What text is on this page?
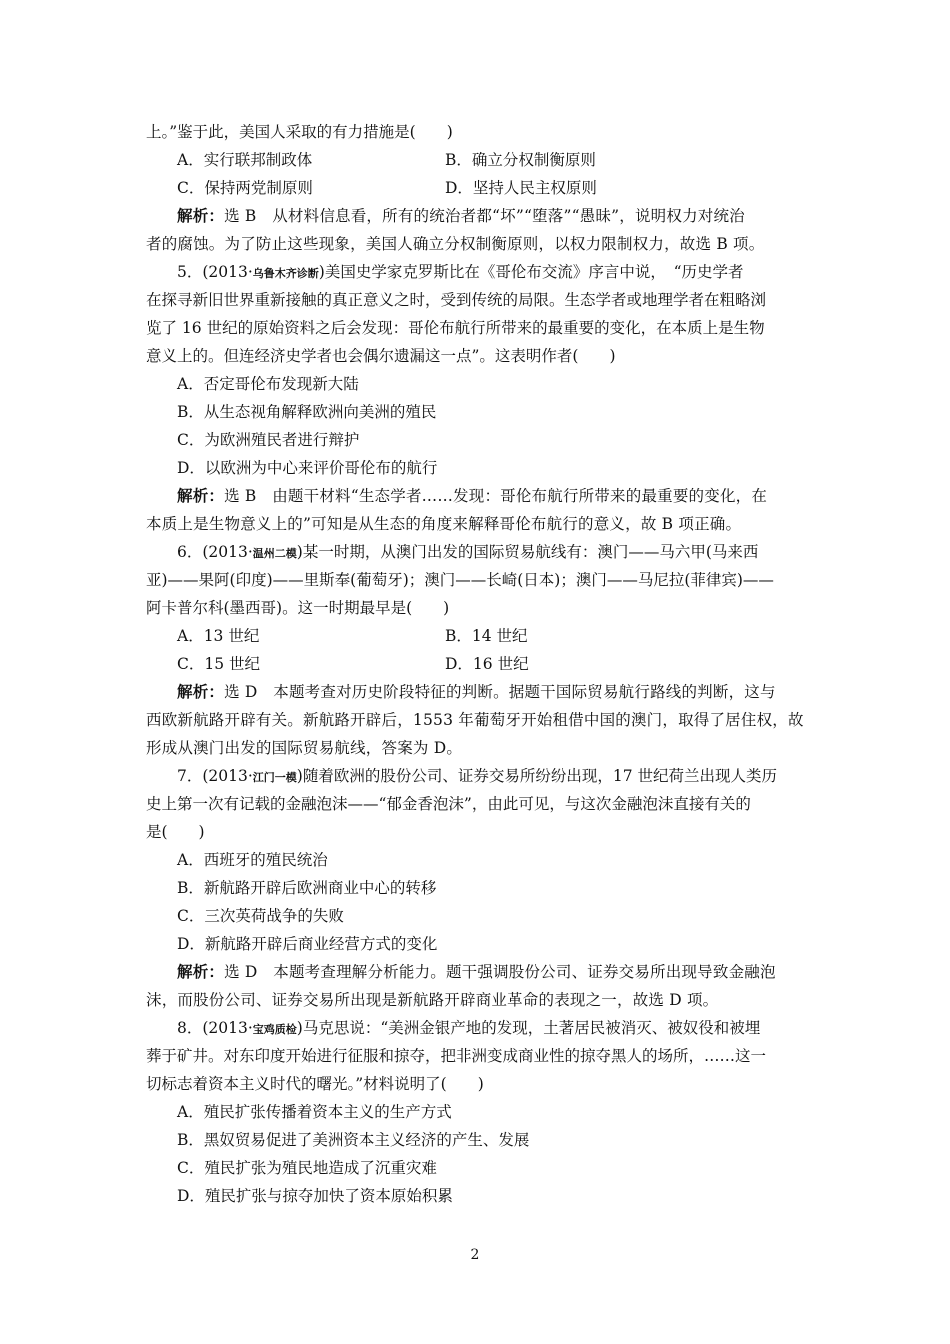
上。”鉴于此，美国人采取的有力措施是(　　)
A．实行联邦制政体	B．确立分权制衡原则
C．保持两党制原则	D．坚持人民主权原则
解析：选 B　从材料信息看，所有的统治者都“坏”“堕落”“愚昧”，说明权力对统治
者的腐蚀。为了防止这些现象，美国人确立分权制衡原则，以权力限制权力，故选 B 项。
5．(2013·乌鲁木齐诊断)美国史学家克罗斯比在《哥伦布交流》序言中说，　“历史学者
在探寻新旧世界重新接触的真正意义之时，受到传统的局限。生态学者或地理学者在粗略浏
览了 16 世纪的原始资料之后会发现：哥伦布航行所带来的最重要的变化，在本质上是生物
意义上的。但连经济史学者也会偶尔遗漏这一点”。这表明作者(　　)
A．否定哥伦布发现新大陆
B．从生态视角解释欧洲向美洲的殖民
C．为欧洲殖民者进行辩护
D．以欧洲为中心来评价哥伦布的航行
解析：选 B　由题干材料“生态学者……发现：哥伦布航行所带来的最重要的变化，在
本质上是生物意义上的”可知是从生态的角度来解释哥伦布航行的意义，故 B 项正确。
6．(2013·温州二模)某一时期，从澳门出发的国际贸易航线有：澳门——马六甲(马来西
亚)——果阿(印度)——里斯奉(葡萄牙)；澳门——长崎(日本)；澳门——马尼拉(菲律宾)——
阿卡普尔科(墨西哥)。这一时期最早是(　　)
A．13 世纪	B．14 世纪
C．15 世纪	D．16 世纪
解析：选 D　本题考查对历史阶段特征的判断。据题干国际贸易航行路线的判断，这与
西欧新航路开辟有关。新航路开辟后，1553 年葡萄牙开始租借中国的澳门，取得了居住权，故
形成从澳门出发的国际贸易航线，答案为 D。
7．(2013·江门一模)随着欧洲的股份公司、证券交易所纷纷出现，17 世纪荷兰出现人类历
史上第一次有记载的金融泡沫——“郁金香泡沫”，由此可见，与这次金融泡沫直接有关的
是(　　)
A．西班牙的殖民统治
B．新航路开辟后欧洲商业中心的转移
C．三次英荷战争的失败
D．新航路开辟后商业经营方式的变化
解析：选 D　本题考查理解分析能力。题干强调股份公司、证券交易所出现导致金融泡
沫，而股份公司、证券交易所出现是新航路开辟商业革命的表现之一，故选 D 项。
8．(2013·宝鸡质检)马克思说：“美洲金银产地的发现，土著居民被消灭、被奴役和被埋
葬于矿井。对东印度开始进行征服和掠夺，把非洲变成商业性的掠夺黑人的场所，……这一
切标志着资本主义时代的曙光。”材料说明了(　　)
A．殖民扩张传播着资本主义的生产方式
B．黑奴贸易促进了美洲资本主义经济的产生、发展
C．殖民扩张为殖民地造成了沉重灾难
D．殖民扩张与掠夺加快了资本原始积累
2
